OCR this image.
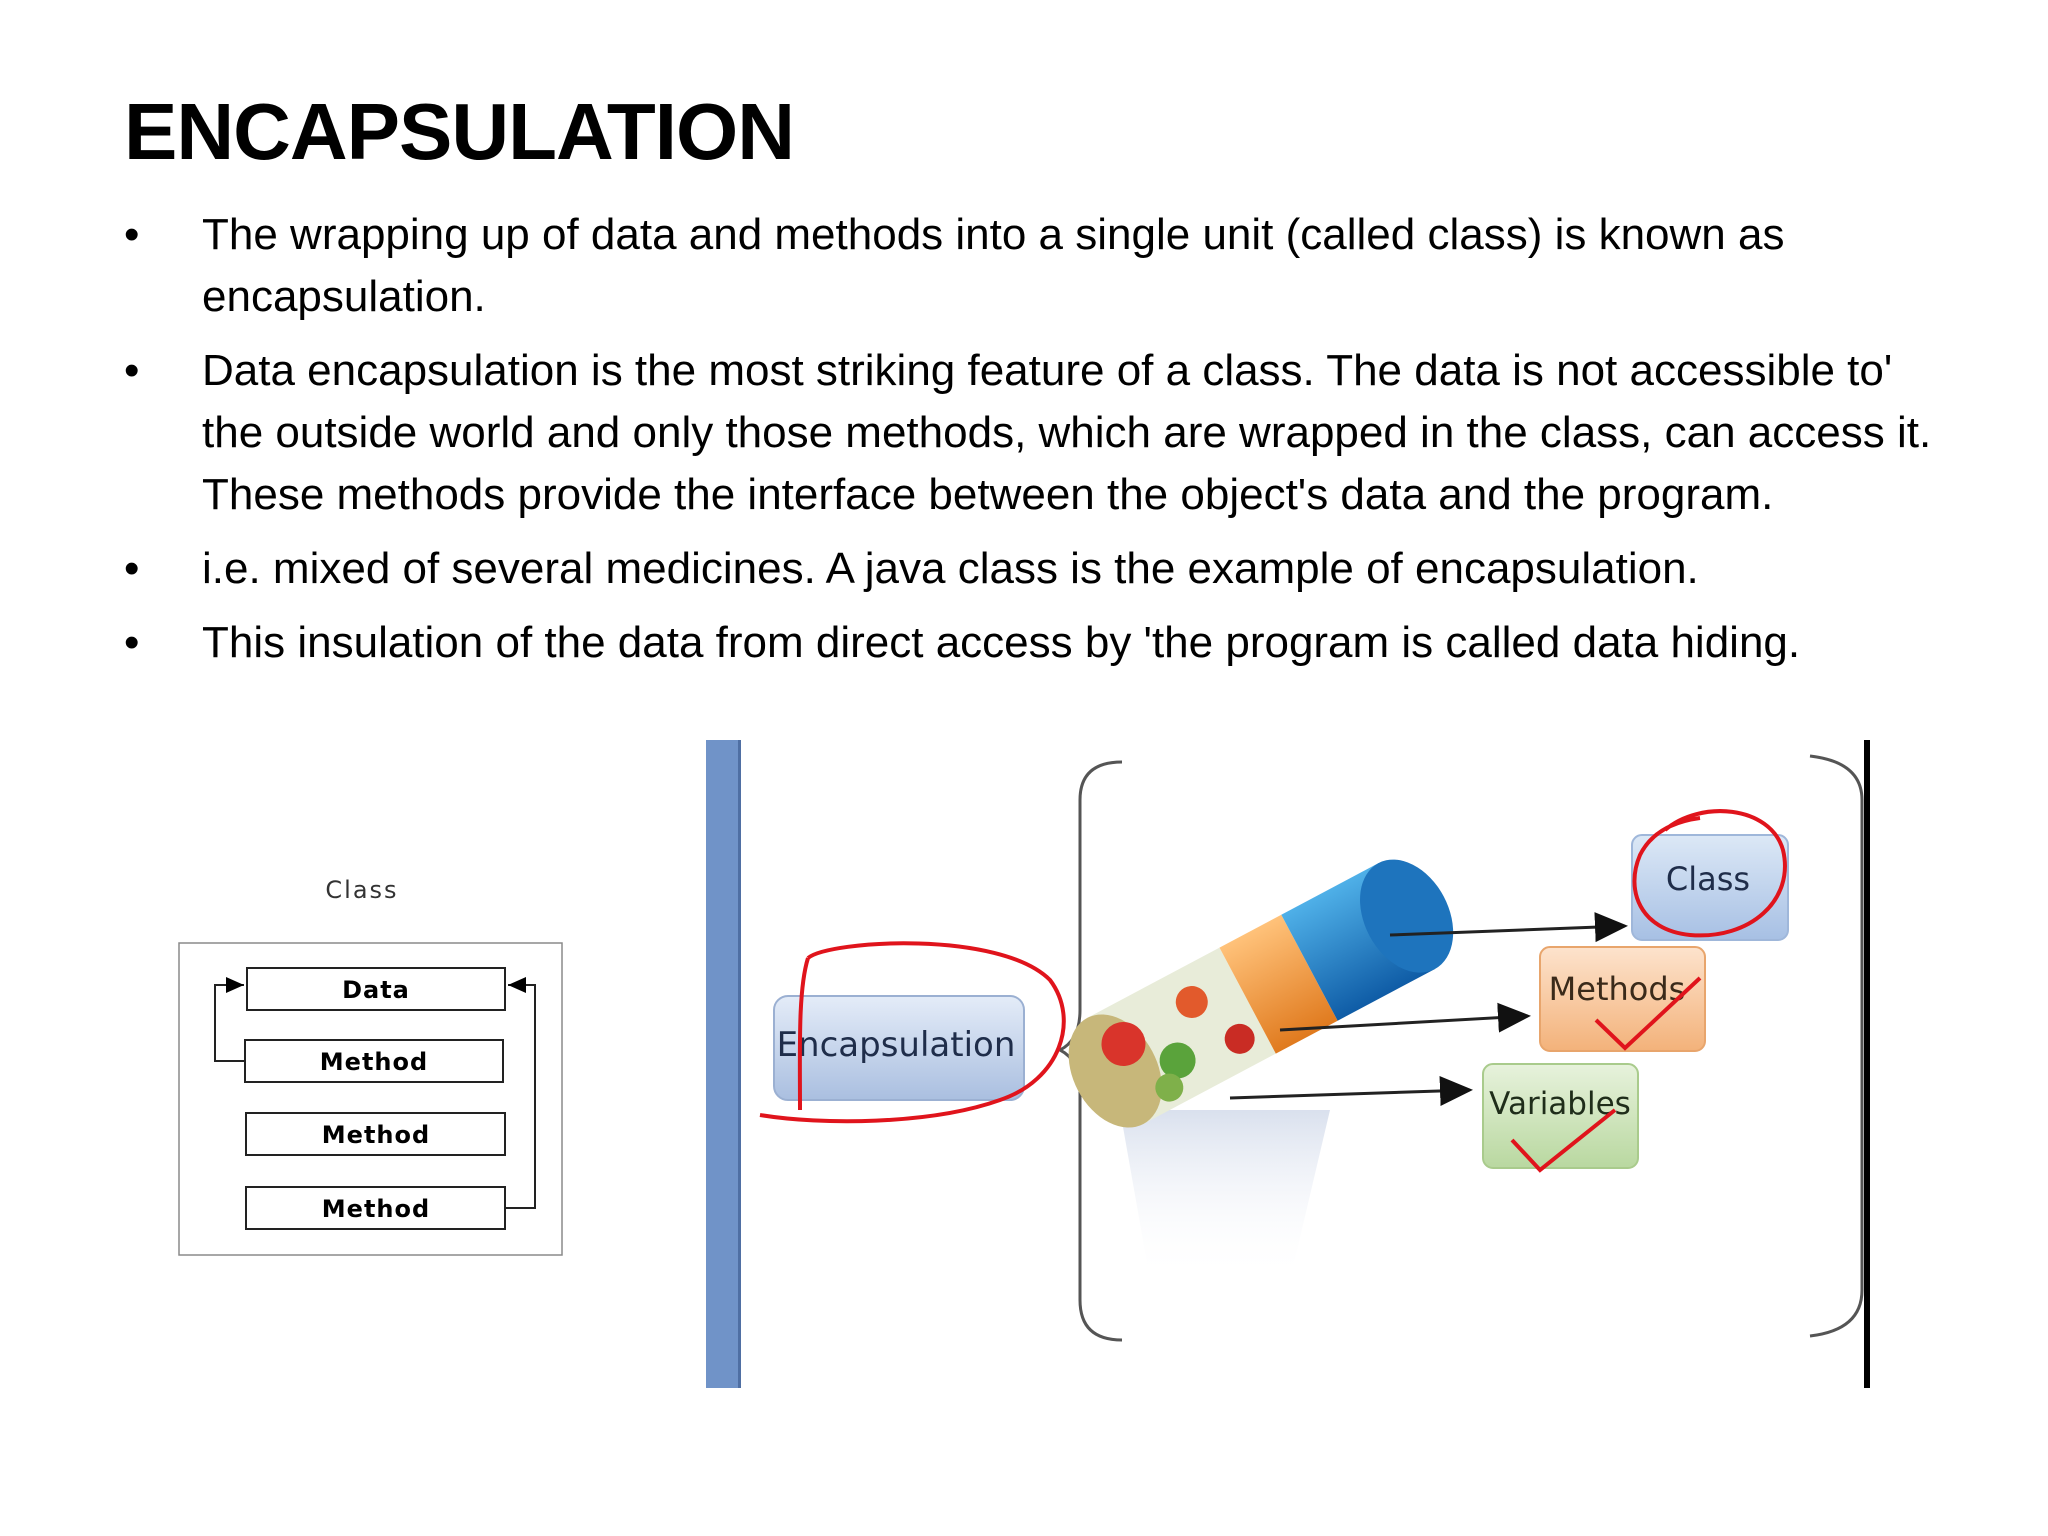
ENCAPSULATION
• The wrapping up of data and methods into a single unit (called class) is known as encapsulation.
• Data encapsulation is the most striking feature of a class. The data is not accessible to' the outside world and only those methods, which are wrapped in the class, can access it. These methods provide the interface between the object's data and the program.
• i.e. mixed of several medicines. A java class is the example of encapsulation.
• This insulation of the data from direct access by 'the program is called data hiding.
Class
Data
Method
Method
Method
Encapsulation
Class
Methods
Variables
